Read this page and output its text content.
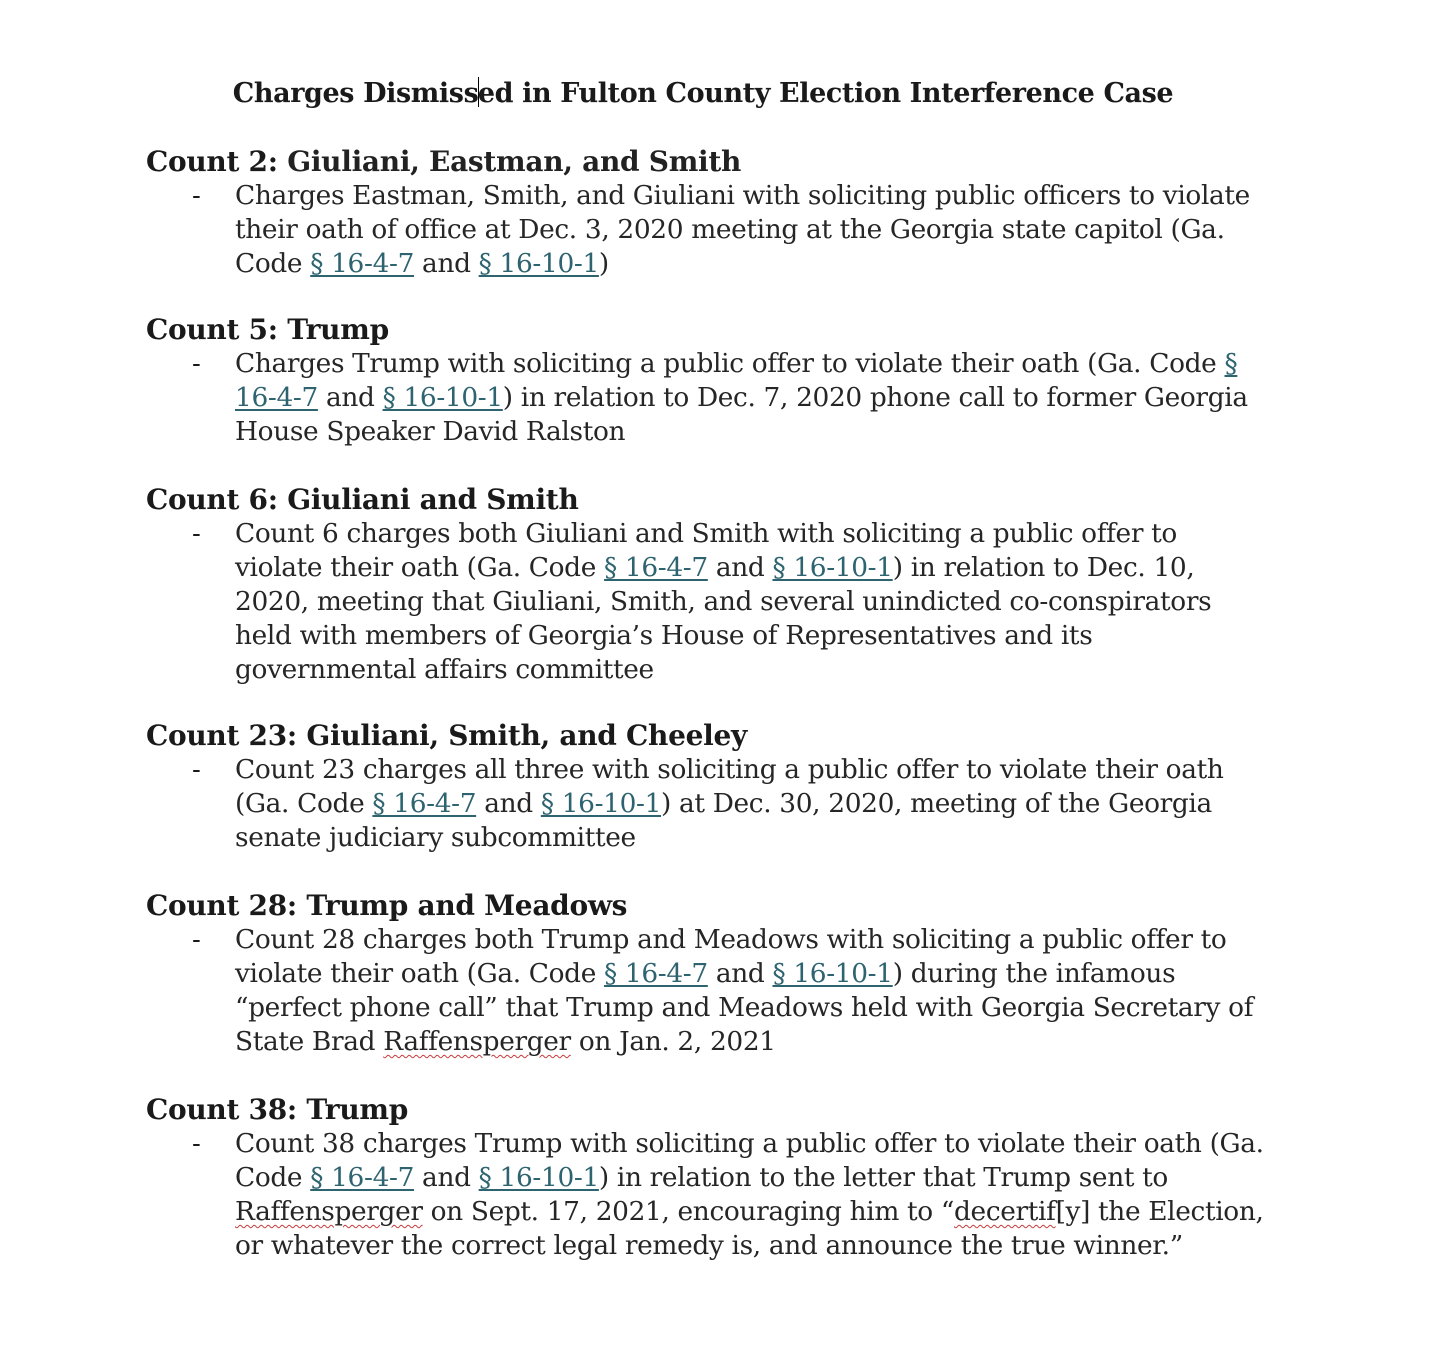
Charges Dismissed in Fulton County Election Interference Case
Count 2: Giuliani, Eastman, and Smith
- Charges Eastman, Smith, and Giuliani with soliciting public officers to violate
their oath of office at Dec. 3, 2020 meeting at the Georgia state capitol (Ga.
Code § 16-4-7 and § 16-10-1)
Count 5: Trump
- Charges Trump with soliciting a public offer to violate their oath (Ga. Code §
16-4-7 and § 16-10-1) in relation to Dec. 7, 2020 phone call to former Georgia
House Speaker David Ralston
Count 6: Giuliani and Smith
- Count 6 charges both Giuliani and Smith with soliciting a public offer to
violate their oath (Ga. Code § 16-4-7 and § 16-10-1) in relation to Dec. 10,
2020, meeting that Giuliani, Smith, and several unindicted co-conspirators
held with members of Georgia’s House of Representatives and its
governmental affairs committee
Count 23: Giuliani, Smith, and Cheeley
- Count 23 charges all three with soliciting a public offer to violate their oath
(Ga. Code § 16-4-7 and § 16-10-1) at Dec. 30, 2020, meeting of the Georgia
senate judiciary subcommittee
Count 28: Trump and Meadows
- Count 28 charges both Trump and Meadows with soliciting a public offer to
violate their oath (Ga. Code § 16-4-7 and § 16-10-1) during the infamous
“perfect phone call” that Trump and Meadows held with Georgia Secretary of
State Brad Raffensperger on Jan. 2, 2021
Count 38: Trump
- Count 38 charges Trump with soliciting a public offer to violate their oath (Ga.
Code § 16-4-7 and § 16-10-1) in relation to the letter that Trump sent to
Raffensperger on Sept. 17, 2021, encouraging him to “decertif[y] the Election,
or whatever the correct legal remedy is, and announce the true winner.”
